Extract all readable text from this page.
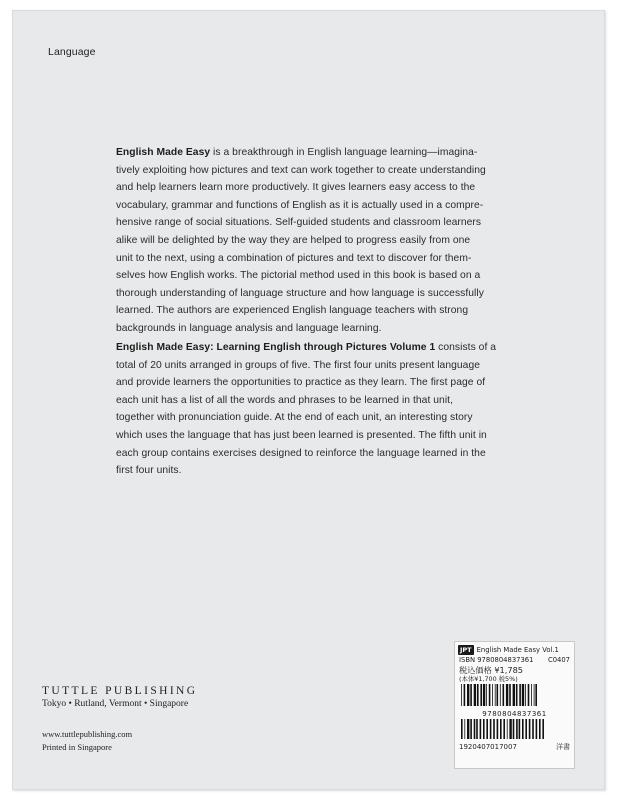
Language
English Made Easy is a breakthrough in English language learning—imagina-
tively exploiting how pictures and text can work together to create understanding
and help learners learn more productively. It gives learners easy access to the
vocabulary, grammar and functions of English as it is actually used in a compre-
hensive range of social situations. Self-guided students and classroom learners
alike will be delighted by the way they are helped to progress easily from one
unit to the next, using a combination of pictures and text to discover for them-
selves how English works. The pictorial method used in this book is based on a
thorough understanding of language structure and how language is successfully
learned. The authors are experienced English language teachers with strong
backgrounds in language analysis and language learning.
English Made Easy: Learning English through Pictures Volume 1 consists of a
total of 20 units arranged in groups of five. The first four units present language
and provide learners the opportunities to practice as they learn. The first page of
each unit has a list of all the words and phrases to be learned in that unit,
together with pronunciation guide. At the end of each unit, an interesting story
which uses the language that has just been learned is presented. The fifth unit in
each group contains exercises designed to reinforce the language learned in the
first four units.
TUTTLE PUBLISHING
Tokyo • Rutland, Vermont • Singapore
www.tuttlepublishing.com
Printed in Singapore
JPT English Made Easy Vol.1
ISBN 9780804837361 C0407
税込価格 ¥1,785
(本体¥1,700 税5%)
9780804837361
1920407017007	洋書
